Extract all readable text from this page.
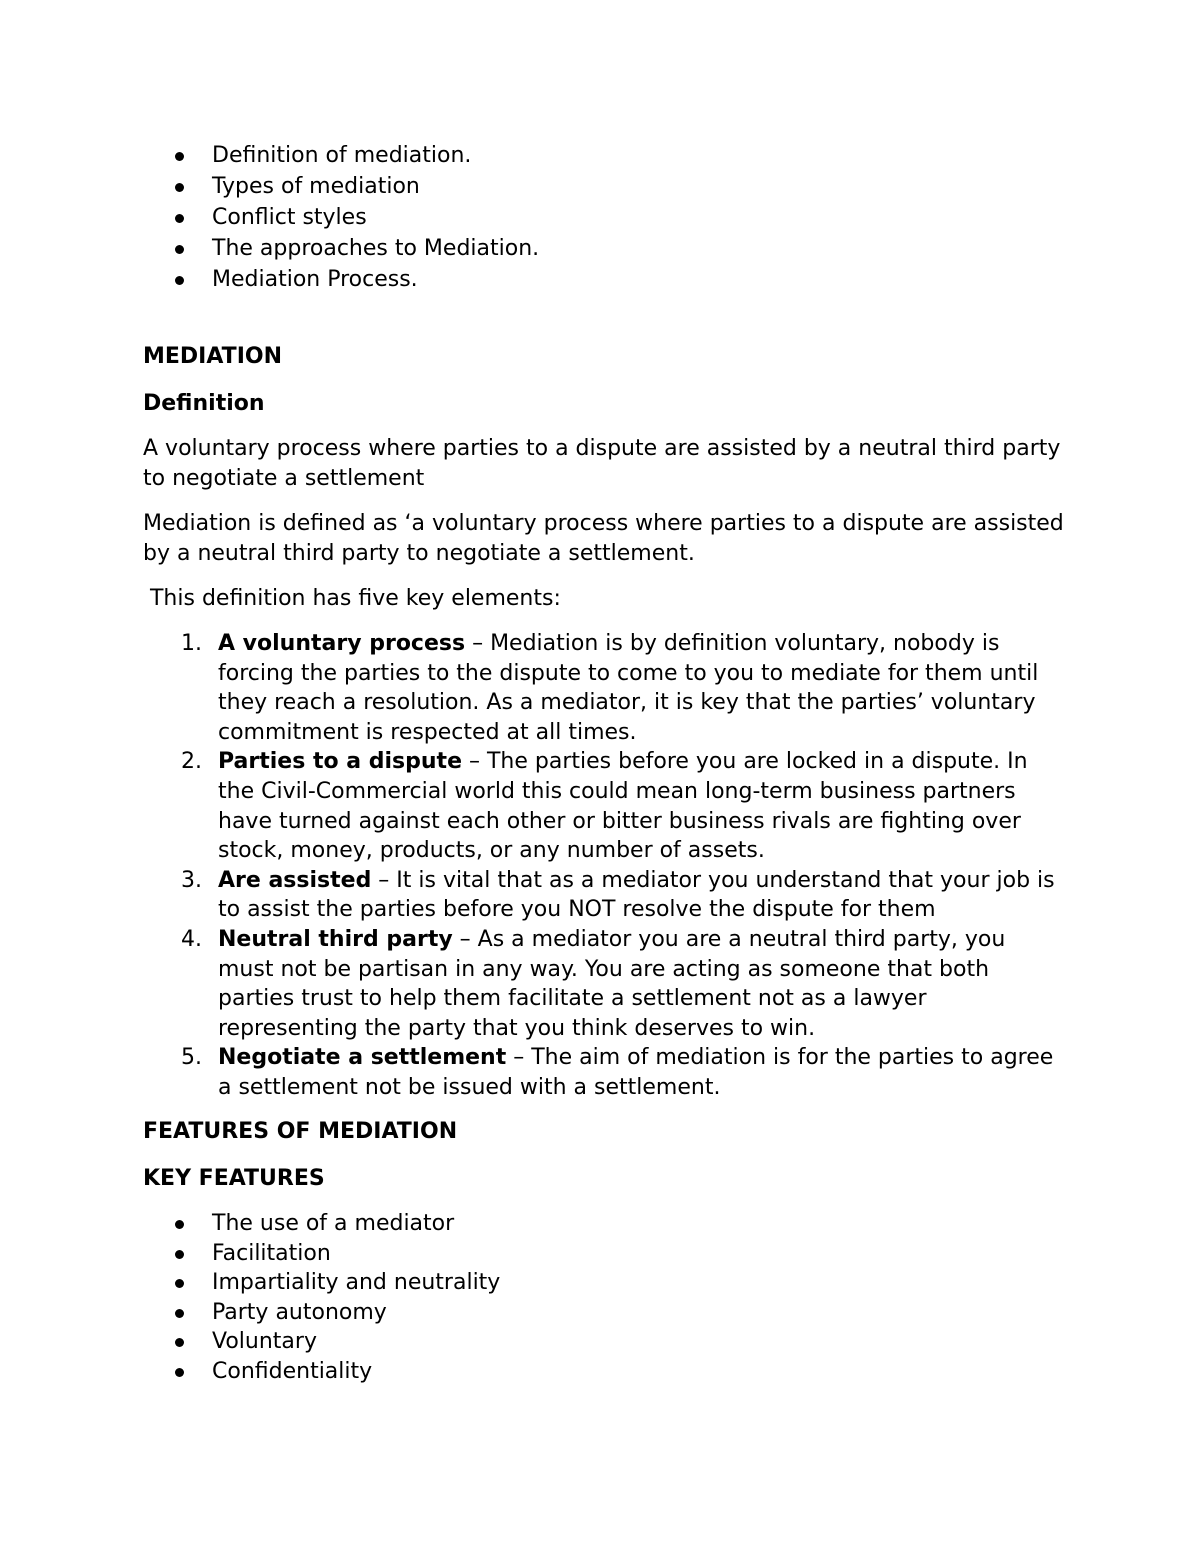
Definition of mediation.
Types of mediation
Conflict styles
The approaches to Mediation.
Mediation Process.
MEDIATION
Definition

A voluntary process where parties to a dispute are assisted by a neutral third party to negotiate a settlement

Mediation is defined as ‘a voluntary process where parties to a dispute are assisted by a neutral third party to negotiate a settlement.

This definition has five key elements:

1. A voluntary process – Mediation is by definition voluntary, nobody is forcing the parties to the dispute to come to you to mediate for them until they reach a resolution. As a mediator, it is key that the parties’ voluntary commitment is respected at all times.
2. Parties to a dispute – The parties before you are locked in a dispute. In the Civil-Commercial world this could mean long-term business partners have turned against each other or bitter business rivals are fighting over stock, money, products, or any number of assets.
3. Are assisted – It is vital that as a mediator you understand that your job is to assist the parties before you NOT resolve the dispute for them
4. Neutral third party – As a mediator you are a neutral third party, you must not be partisan in any way. You are acting as someone that both parties trust to help them facilitate a settlement not as a lawyer representing the party that you think deserves to win.
5. Negotiate a settlement – The aim of mediation is for the parties to agree a settlement not be issued with a settlement.
FEATURES OF MEDIATION
KEY FEATURES
The use of a mediator
Facilitation
Impartiality and neutrality
Party autonomy
Voluntary
Confidentiality
